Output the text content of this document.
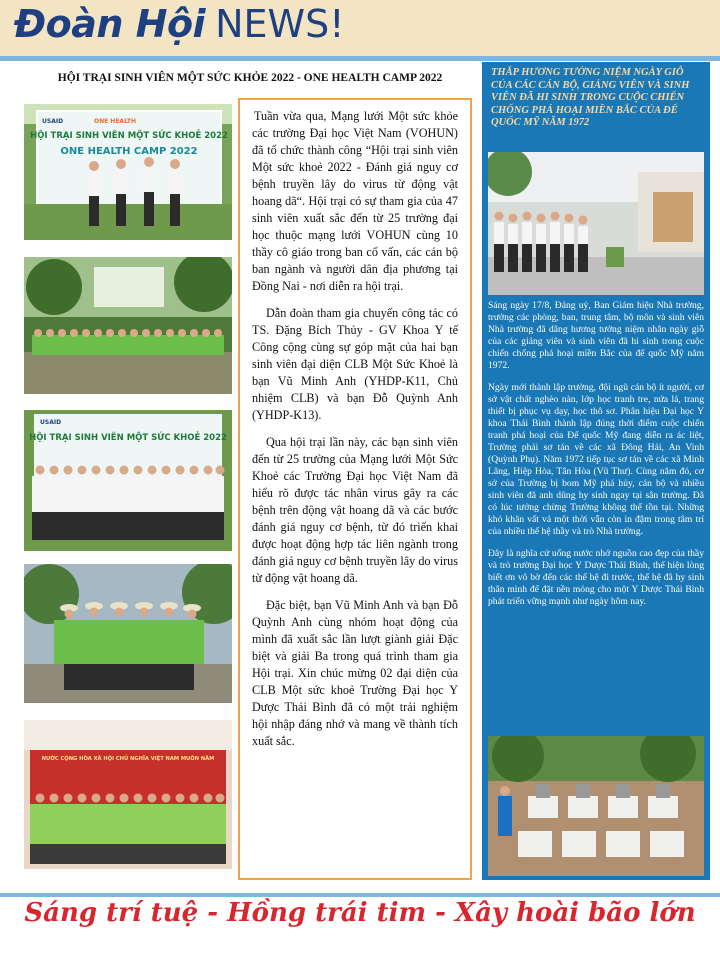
Đoàn Hội NEWS!
HỘI TRẠI SINH VIÊN MỘT SỨC KHỎE 2022 - ONE HEALTH CAMP 2022
USAID	ONE HEALTH
HỘI TRẠI SINH VIÊN MỘT SỨC KHOẺ 2022
ONE HEALTH CAMP 2022
USAID
HỘI TRẠI SINH VIÊN MỘT SỨC KHOẺ 2022
NƯỚC CỘNG HÒA XÃ HỘI CHỦ NGHĨA VIỆT NAM MUÔN NĂM

Tuần vừa qua, Mạng lưới Một sức khỏe các trường Đại học Việt Nam (VOHUN) đã tổ chức thành công “Hội trại sinh viên Một sức khoẻ 2022 - Đánh giá nguy cơ bệnh truyền lây do virus từ động vật hoang dã“. Hội trại có sự tham gia của 47 sinh viên xuất sắc đến từ 25 trường đại học thuộc mạng lưới VOHUN cùng 10 thầy cô giáo trong ban cố vấn, các cán bộ ban ngành và người dân địa phương tại Đồng Nai - nơi diễn ra hội trại.

Dẫn đoàn tham gia chuyến công tác có TS. Đặng Bích Thủy - GV Khoa Y tế Công cộng cùng sự góp mặt của hai bạn sinh viên đại diện CLB Một Sức Khoẻ là bạn Vũ Minh Anh (YHDP-K11, Chủ nhiệm CLB) và bạn Đỗ Quỳnh Anh (YHDP-K13).

Qua hội trại lần này, các bạn sinh viên đến từ 25 trường của Mạng lưới Một Sức Khoẻ các Trường Đại học Việt Nam đã hiểu rõ được tác nhân virus gây ra các bệnh trên động vật hoang dã và các bước đánh giá nguy cơ bệnh, từ đó triển khai được hoạt động hợp tác liên ngành trong đánh giá nguy cơ bệnh truyền lây do virus từ động vật hoang dã.

Đặc biệt, bạn Vũ Minh Anh và bạn Đỗ Quỳnh Anh cùng nhóm hoạt động của mình đã xuất sắc lần lượt giành giải Đặc biệt và giải Ba trong quá trình tham gia Hội trại. Xin chúc mừng 02 đại diện của CLB Một sức khoẻ Trường Đại học Y Dược Thái Bình đã có một trải nghiệm hội nhập đáng nhớ và mang về thành tích xuất sắc.

THẮP HƯƠNG TƯỞNG NIỆM NGÀY GIỖ CỦA CÁC CÁN BỘ, GIẢNG VIÊN VÀ SINH VIÊN ĐÃ HI SINH TRONG CUỘC CHIẾN CHỐNG PHÁ HOẠI MIỀN BẮC CỦA ĐẾ QUỐC MỸ NĂM 1972

Sáng ngày 17/8, Đảng uỷ, Ban Giám hiệu Nhà trường, trưởng các phòng, ban, trung tâm, bộ môn và sinh viên Nhà trường đã dâng hương tưởng niệm nhân ngày giỗ của các giảng viên và sinh viên đã hi sinh trong cuộc chiến chống phá hoại miền Bắc của đế quốc Mỹ năm 1972.

Ngày mới thành lập trường, đội ngũ cán bộ ít người, cơ sở vật chất nghèo nàn, lớp học tranh tre, nứa lá, trang thiết bị phục vụ dạy, học thô sơ. Phân hiệu Đại học Y khoa Thái Bình thành lập đúng thời điểm cuộc chiến tranh phá hoại của Đế quốc Mỹ đang diễn ra ác liệt, Trường phải sơ tán về các xã Đông Hải, An Vinh (Quỳnh Phụ). Năm 1972 tiếp tục sơ tán về các xã Minh Lãng, Hiệp Hòa, Tân Hòa (Vũ Thư). Cùng năm đó, cơ sở của Trường bị bom Mỹ phá hủy, cán bộ và nhiều sinh viên đã anh dũng hy sinh ngay tại sân trường. Đã có lúc tưởng chừng Trường không thể tồn tại. Những khó khăn vất vả một thời vẫn còn in đậm trong tâm trí của nhiều thế hệ thầy và trò Nhà trường.

Đây là nghĩa cử uống nước nhớ nguồn cao đẹp của thầy và trò trường Đại học Y Dược Thái Bình, thể hiện lòng biết ơn vô bờ đến các thế hệ đi trước, thế hệ đã hy sinh thân mình để đặt nền móng cho một Y Dược Thái Bình phát triển vững mạnh như ngày hôm nay.

Sáng trí tuệ - Hồng trái tim - Xây hoài bão lớn
